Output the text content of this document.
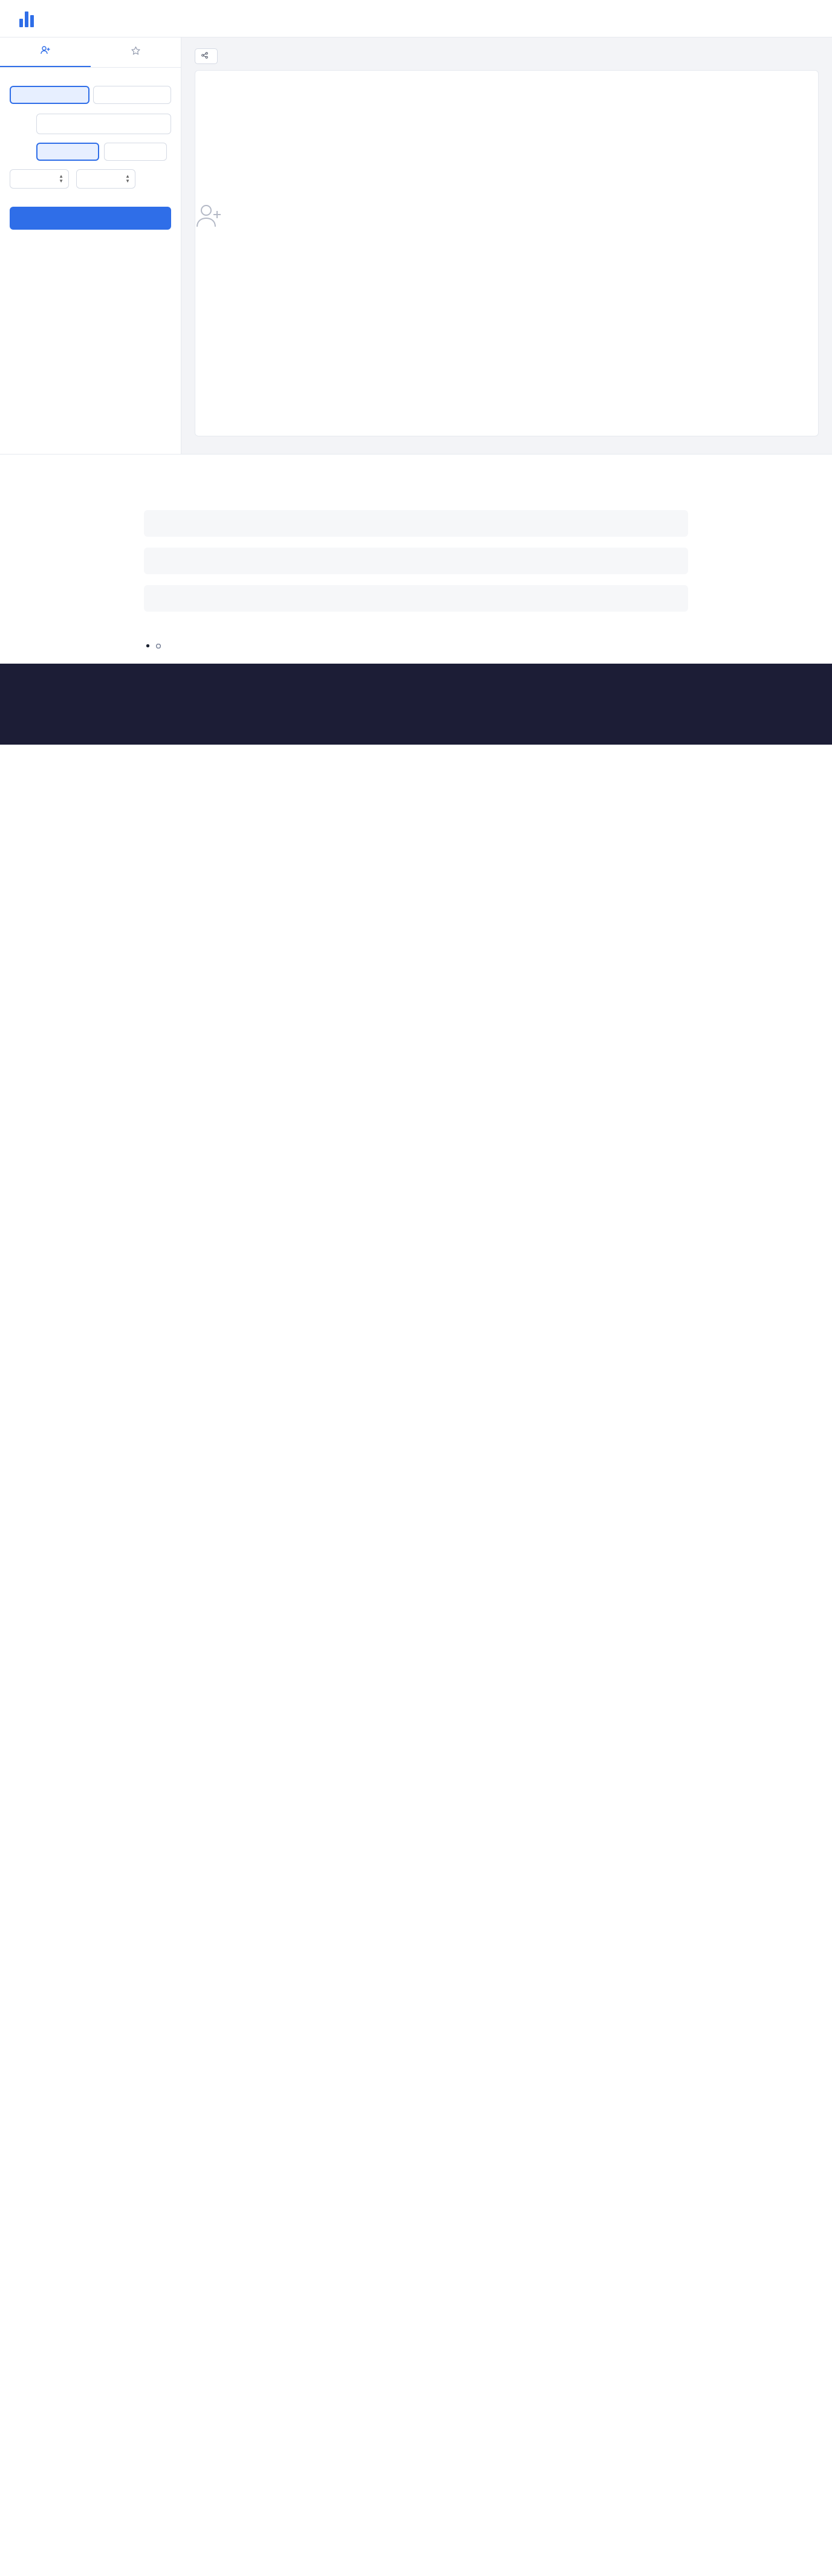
▲
▼
▲
▼
